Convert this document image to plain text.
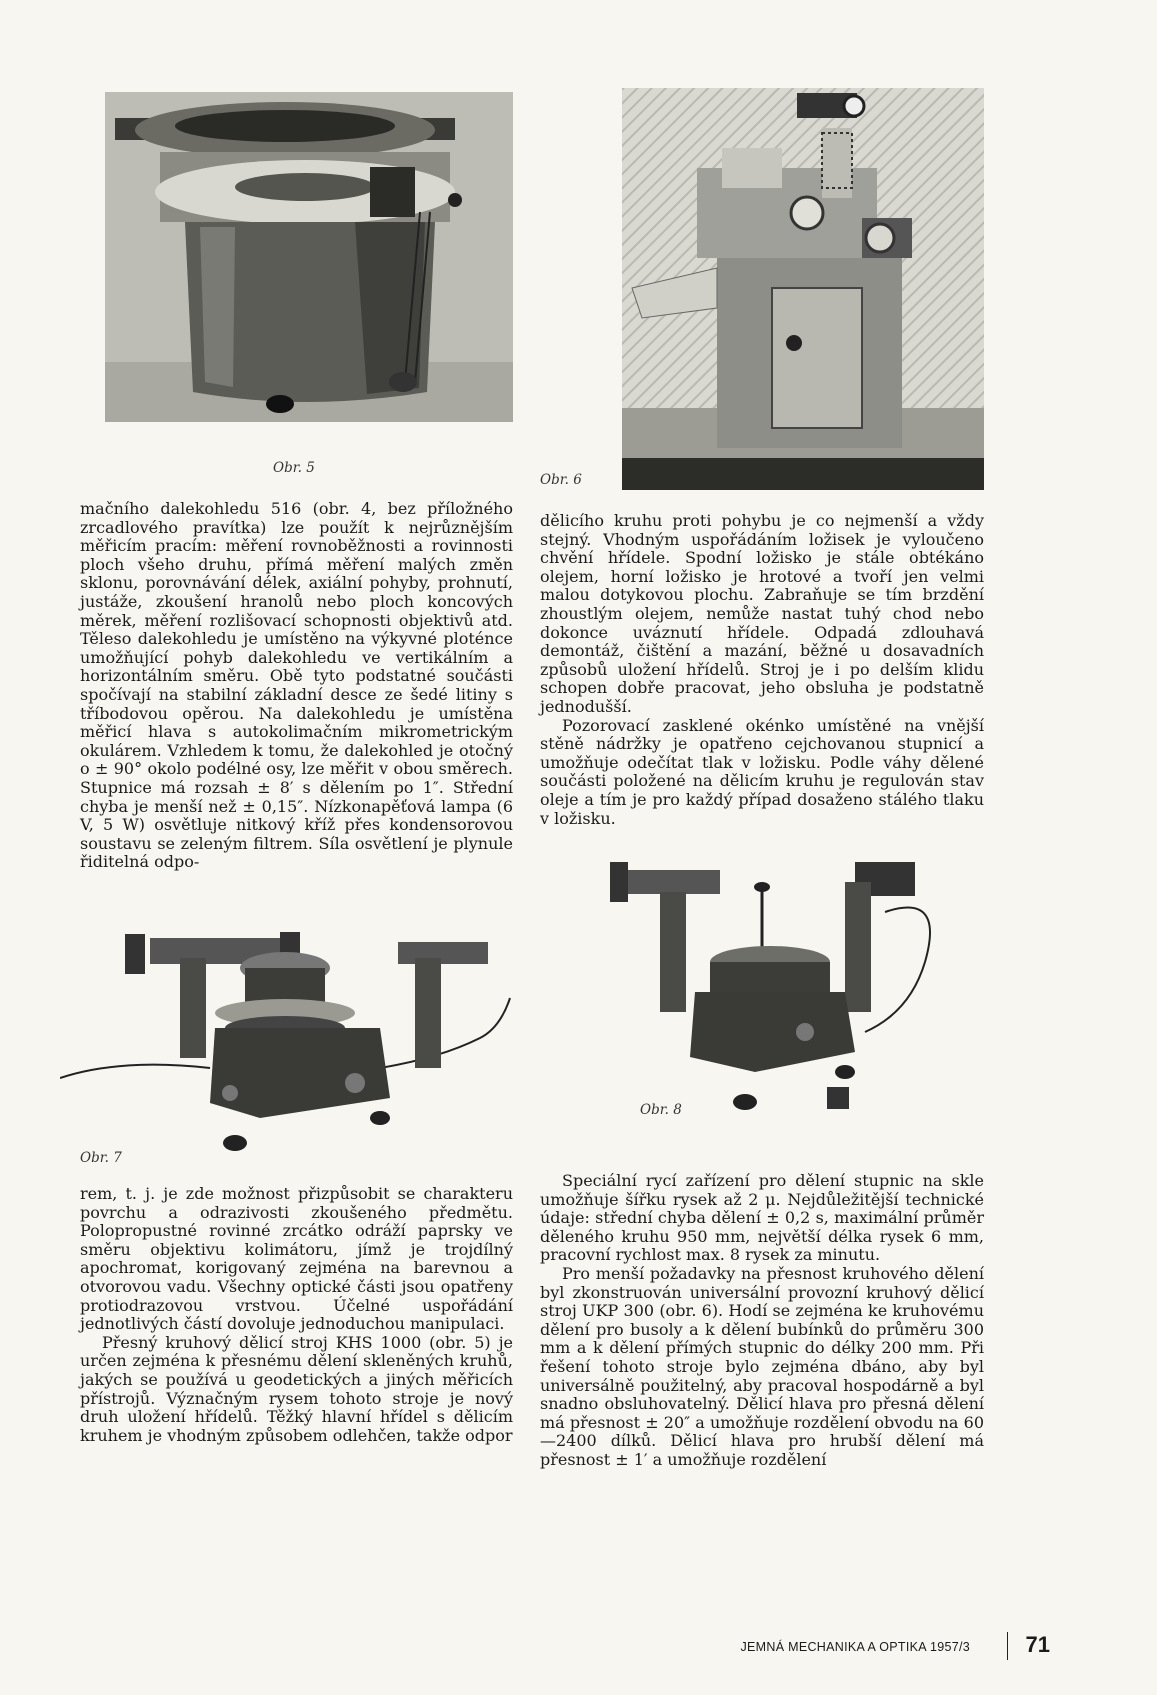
Obr. 5
Obr. 6

mačního dalekohledu 516 (obr. 4, bez příložného zrcadlového pravítka) lze použít k nejrůznějším měřicím pracím: měření rovnoběžnosti a rovinnosti ploch všeho druhu, přímá měření malých změn sklonu, porovnávání délek, axiální pohyby, prohnutí, justáže, zkoušení hranolů nebo ploch koncových měrek, měření rozlišovací schopnosti objektivů atd. Těleso dalekohledu je umístěno na výkyvné ploténce umožňující pohyb dalekohledu ve vertikálním a horizontálním směru. Obě tyto podstatné součásti spočívají na stabilní základní desce ze šedé litiny s tříbodovou opěrou. Na dalekohledu je umístěna měřicí hlava s autokolimačním mikrometrickým okulárem. Vzhledem k tomu, že dalekohled je otočný o ± 90° okolo podélné osy, lze měřit v obou směrech. Stupnice má rozsah ± 8′ s dělením po 1″. Střední chyba je menší než ± 0,15″. Nízkonapěťová lampa (6 V, 5 W) osvětluje nitkový kříž přes kondensorovou soustavu se zeleným filtrem. Síla osvětlení je plynule řiditelná odpo-

dělicího kruhu proti pohybu je co nejmenší a vždy stejný. Vhodným uspořádáním ložisek je vyloučeno chvění hřídele. Spodní ložisko je stále obtékáno olejem, horní ložisko je hrotové a tvoří jen velmi malou dotykovou plochu. Zabraňuje se tím brzdění zhoustlým olejem, nemůže nastat tuhý chod nebo dokonce uváznutí hřídele. Odpadá zdlouhavá demontáž, čištění a mazání, běžné u dosavadních způsobů uložení hřídelů. Stroj je i po delším klidu schopen dobře pracovat, jeho obsluha je podstatně jednodušší.

Pozorovací zasklené okénko umístěné na vnější stěně nádržky je opatřeno cejchovanou stupnicí a umožňuje odečítat tlak v ložisku. Podle váhy dělené součásti položené na dělicím kruhu je regulován stav oleje a tím je pro každý případ dosaženo stálého tlaku v ložisku.

Obr. 7
Obr. 8

rem, t. j. je zde možnost přizpůsobit se charakteru povrchu a odrazivosti zkoušeného předmětu. Polopropustné rovinné zrcátko odráží paprsky ve směru objektivu kolimátoru, jímž je trojdílný apochromat, korigovaný zejména na barevnou a otvorovou vadu. Všechny optické části jsou opatřeny protiodrazovou vrstvou. Účelné uspořádání jednotlivých částí dovoluje jednoduchou manipulaci.

Přesný kruhový dělicí stroj KHS 1000 (obr. 5) je určen zejména k přesnému dělení skleněných kruhů, jakých se používá u geodetických a jiných měřicích přístrojů. Význačným rysem tohoto stroje je nový druh uložení hřídelů. Těžký hlavní hřídel s dělicím kruhem je vhodným způsobem odlehčen, takže odpor

Speciální rycí zařízení pro dělení stupnic na skle umožňuje šířku rysek až 2 μ. Nejdůležitější technické údaje: střední chyba dělení ± 0,2 s, maximální průměr děleného kruhu 950 mm, největší délka rysek 6 mm, pracovní rychlost max. 8 rysek za minutu.

Pro menší požadavky na přesnost kruhového dělení byl zkonstruován universální provozní kruhový dělicí stroj UKP 300 (obr. 6). Hodí se zejména ke kruhovému dělení pro busoly a k dělení bubínků do průměru 300 mm a k dělení přímých stupnic do délky 200 mm. Při řešení tohoto stroje bylo zejména dbáno, aby byl universálně použitelný, aby pracoval hospodárně a byl snadno obsluhovatelný. Dělicí hlava pro přesná dělení má přesnost ± 20″ a umožňuje rozdělení obvodu na 60—2400 dílků. Dělicí hlava pro hrubší dělení má přesnost ± 1′ a umožňuje rozdělení

JEMNÁ MECHANIKA A OPTIKA 1957/3	71
